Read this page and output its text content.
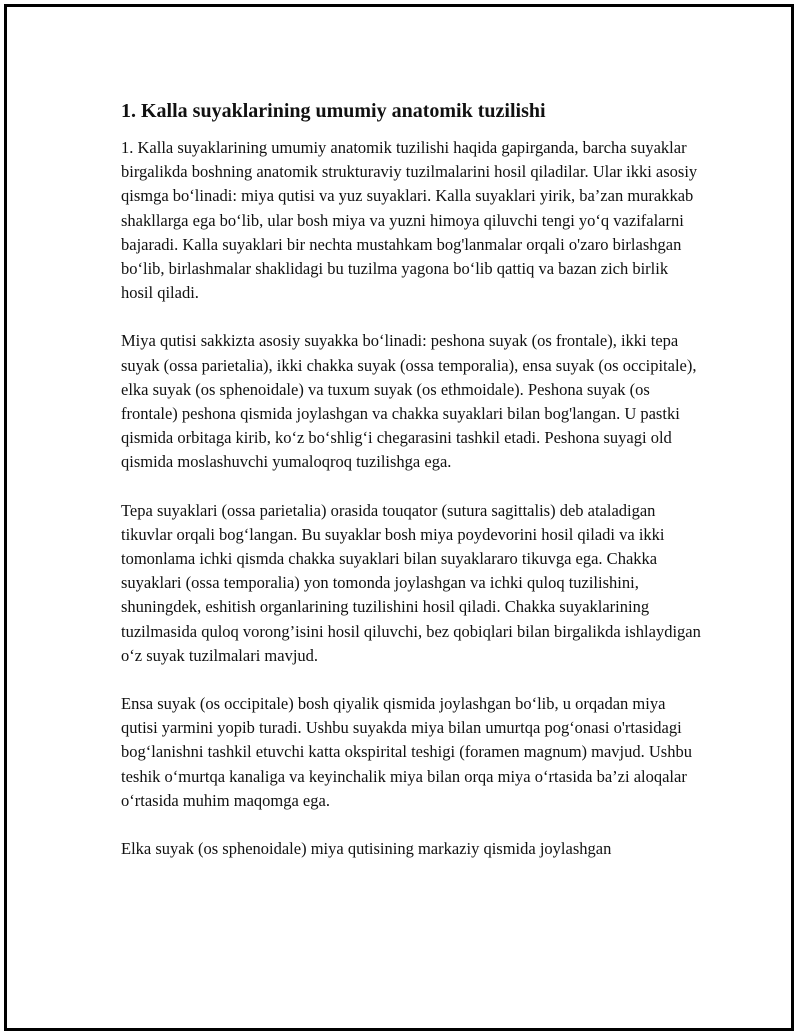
1. Kalla suyaklarining umumiy anatomik tuzilishi

1. Kalla suyaklarining umumiy anatomik tuzilishi haqida gapirganda, barcha suyaklar birgalikda boshning anatomik strukturaviy tuzilmalarini hosil qiladilar. Ular ikki asosiy qismga bo‘linadi: miya qutisi va yuz suyaklari. Kalla suyaklari yirik, ba’zan murakkab shakllarga ega bo‘lib, ular bosh miya va yuzni himoya qiluvchi tengi yo‘q vazifalarni bajaradi. Kalla suyaklari bir nechta mustahkam bog'lanmalar orqali o'zaro birlashgan bo‘lib, birlashmalar shaklidagi bu tuzilma yagona bo‘lib qattiq va bazan zich birlik hosil qiladi.

Miya qutisi sakkizta asosiy suyakka bo‘linadi: peshona suyak (os frontale), ikki tepa suyak (ossa parietalia), ikki chakka suyak (ossa temporalia), ensa suyak (os occipitale), elka suyak (os sphenoidale) va tuxum suyak (os ethmoidale). Peshona suyak (os frontale) peshona qismida joylashgan va chakka suyaklari bilan bog'langan. U pastki qismida orbitaga kirib, ko‘z bo‘shlig‘i chegarasini tashkil etadi. Peshona suyagi old qismida moslashuvchi yumaloqroq tuzilishga ega.

Tepa suyaklari (ossa parietalia) orasida touqator (sutura sagittalis) deb ataladigan tikuvlar orqali bog‘langan. Bu suyaklar bosh miya poydevorini hosil qiladi va ikki tomonlama ichki qismda chakka suyaklari bilan suyaklararo tikuvga ega. Chakka suyaklari (ossa temporalia) yon tomonda joylashgan va ichki quloq tuzilishini, shuningdek, eshitish organlarining tuzilishini hosil qiladi. Chakka suyaklarining tuzilmasida quloq vorong’isini hosil qiluvchi, bez qobiqlari bilan birgalikda ishlaydigan o‘z suyak tuzilmalari mavjud.

Ensa suyak (os occipitale) bosh qiyalik qismida joylashgan bo‘lib, u orqadan miya qutisi yarmini yopib turadi. Ushbu suyakda miya bilan umurtqa pog‘onasi o'rtasidagi bog‘lanishni tashkil etuvchi katta okspirital teshigi (foramen magnum) mavjud. Ushbu teshik o‘murtqa kanaliga va keyinchalik miya bilan orqa miya o‘rtasida ba’zi aloqalar o‘rtasida muhim maqomga ega.

Elka suyak (os sphenoidale) miya qutisining markaziy qismida joylashgan
